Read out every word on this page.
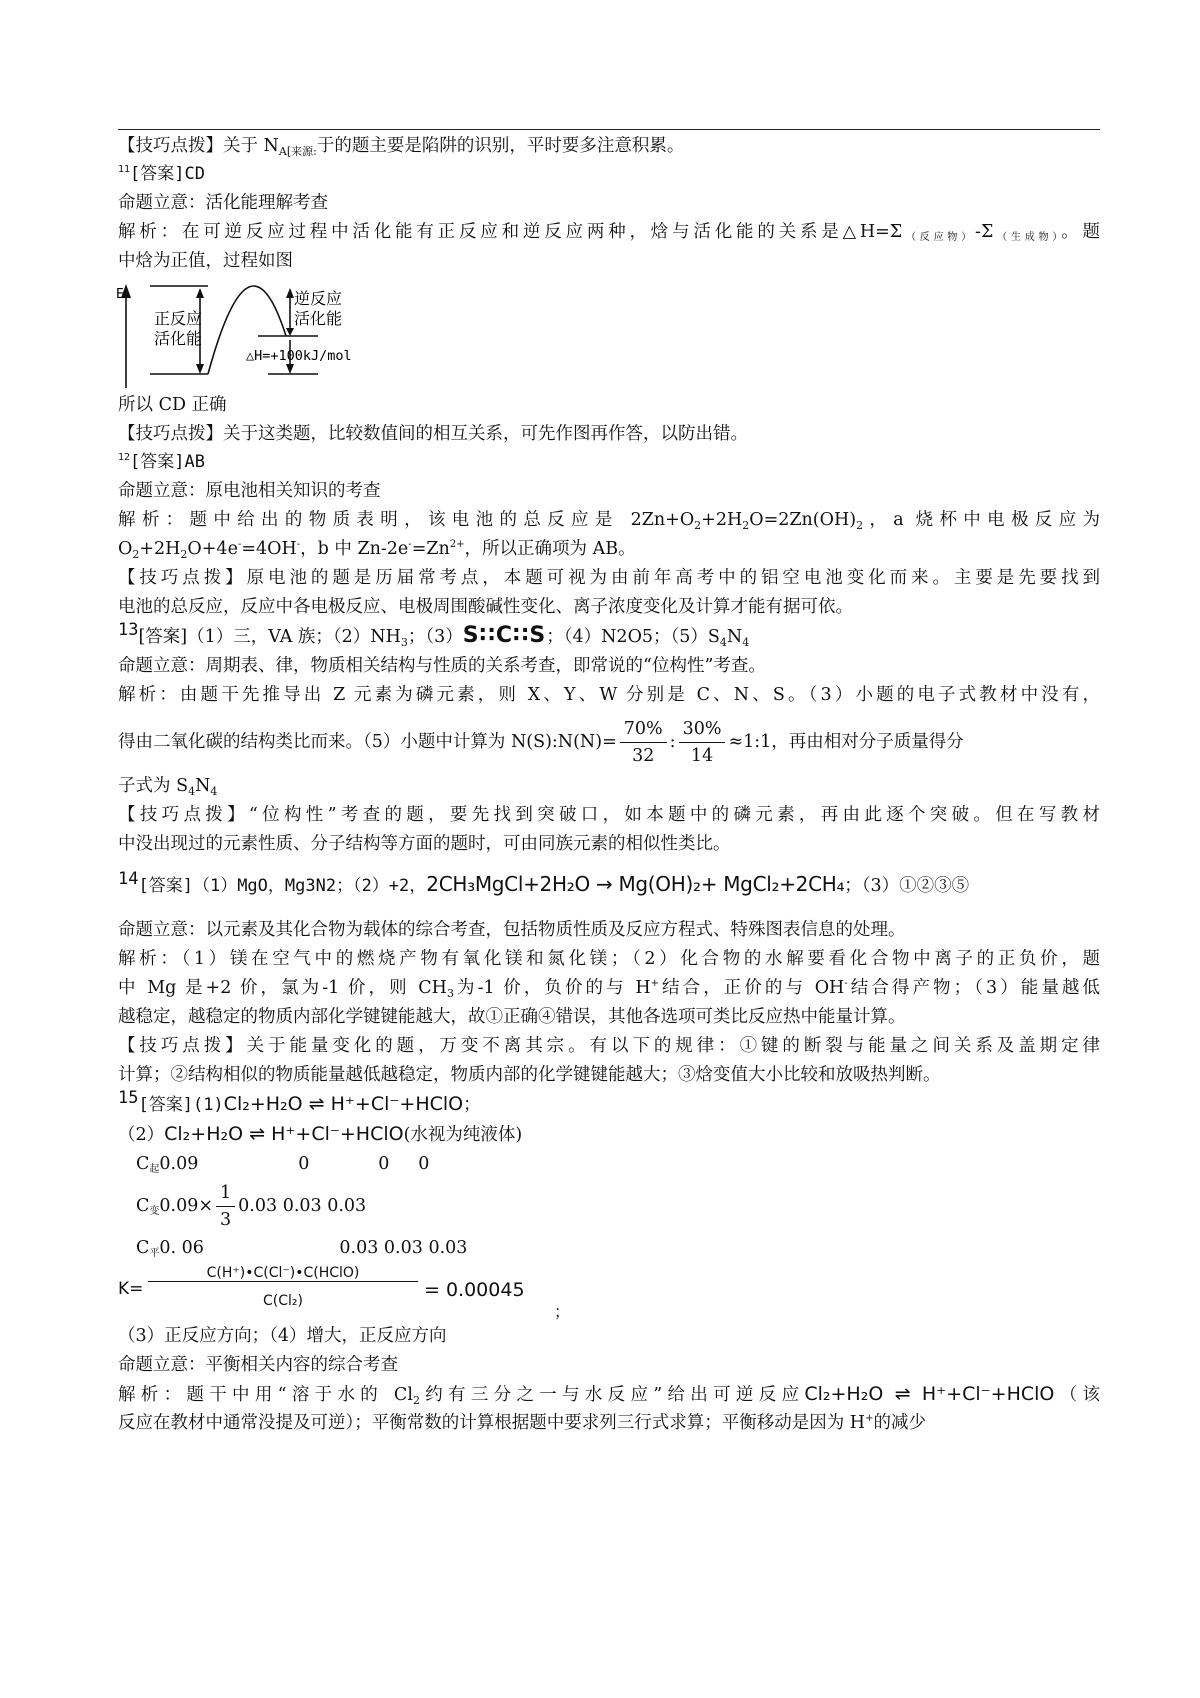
【技巧点拨】关于 $N_{A[来源:}$于的题主要是陷阱的识别，平时要多注意积累。
$^{11}$[答案]CD
命题立意：活化能理解考查
解析：在可逆反应过程中活化能有正反应和逆反应两种，焓与活化能的关系是△H=Σ（反应物）-Σ（生成物）。题
中焓为正值，过程如图
E
正反应
活化能
逆反应
活化能
△H=+100kJ/mol
所以 CD 正确
【技巧点拨】关于这类题，比较数值间的相互关系，可先作图再作答，以防出错。
$^{12}$[答案]AB
命题立意：原电池相关知识的考查
解析：题中给出的物质表明，该电池的总反应是 $2Zn+O_2+2H_2O=2Zn(OH)_2$，a 烧杯中电极反应为
$O_2+2H_2O+4e^-=4OH^-$，b 中 $Zn-2e^-=Zn^{2+}$，所以正确项为 AB。
【技巧点拨】原电池的题是历届常考点，本题可视为由前年高考中的铝空电池变化而来。主要是先要找到
电池的总反应，反应中各电极反应、电极周围酸碱性变化、离子浓度变化及计算才能有据可依。
$^{13}$[答案]（1）三，VA 族；$(2)NH_3$；（3）S∷C∷S；（4）N2O5；$(5)S_4N_4$
命题立意：周期表、律，物质相关结构与性质的关系考查，即常说的“位构性”考查。
解析：由题干先推导出 Z 元素为磷元素，则 X、Y、W 分别是 C、N、S。（3）小题的电子式教材中没有，
得由二氧化碳的结构类比而来。（5）小题中计算为 N(S):N(N)= $\frac{70\%}{32}$ : $\frac{30\%}{14}$ ≈1:1，再由相对分子质量得分
子式为 $S_4N_4$
【技巧点拨】“位构性”考查的题，要先找到突破口，如本题中的磷元素，再由此逐个突破。但在写教材
中没出现过的元素性质、分子结构等方面的题时，可由同族元素的相似性类比。
$^{14}$[答案]（1）MgO，Mg3N2；（2）+2，2CH₃MgCl+2H₂O → Mg(OH)₂+ MgCl₂+2CH₄；（3）①②③⑤
命题立意：以元素及其化合物为载体的综合考查，包括物质性质及反应方程式、特殊图表信息的处理。
解析：（1）镁在空气中的燃烧产物有氧化镁和氮化镁；（2）化合物的水解要看化合物中离子的正负价，题
中 Mg 是+2 价，氯为-1 价，则 $CH_3$为-1 价，负价的与 H+结合，正价的与 OH-结合得产物；（3）能量越低
越稳定，越稳定的物质内部化学键键能越大，故①正确④错误，其他各选项可类比反应热中能量计算。
【技巧点拨】关于能量变化的题，万变不离其宗。有以下的规律：①键的断裂与能量之间关系及盖期定律
计算；②结构相似的物质能量越低越稳定，物质内部的化学键键能越大；③焓变值大小比较和放吸热判断。
$^{15}$[答案](1)Cl₂+H₂O ⇌ H⁺+Cl⁻+HClO；
（2）Cl₂+H₂O ⇌ H⁺+Cl⁻+HClO(水视为纯液体)
C起0.09	0	0 0
C变$0.09\times \frac{1}{3} 0.03$ 0.03 0.03
C平0. 06	0.03 0.03 0.03
K=
C(H⁺)•C(Cl⁻)•C(HClO)
C(Cl₂)	= 0.00045
；
（3）正反应方向；（4）增大，正反应方向
命题立意：平衡相关内容的综合考查
解析：题干中用“溶于水的 $Cl_2$约有三分之一与水反应”给出可逆反应Cl₂+H₂O ⇌ H⁺+Cl⁻+HClO（该
反应在教材中通常没提及可逆）；平衡常数的计算根据题中要求列三行式求算；平衡移动是因为 H+的减少
